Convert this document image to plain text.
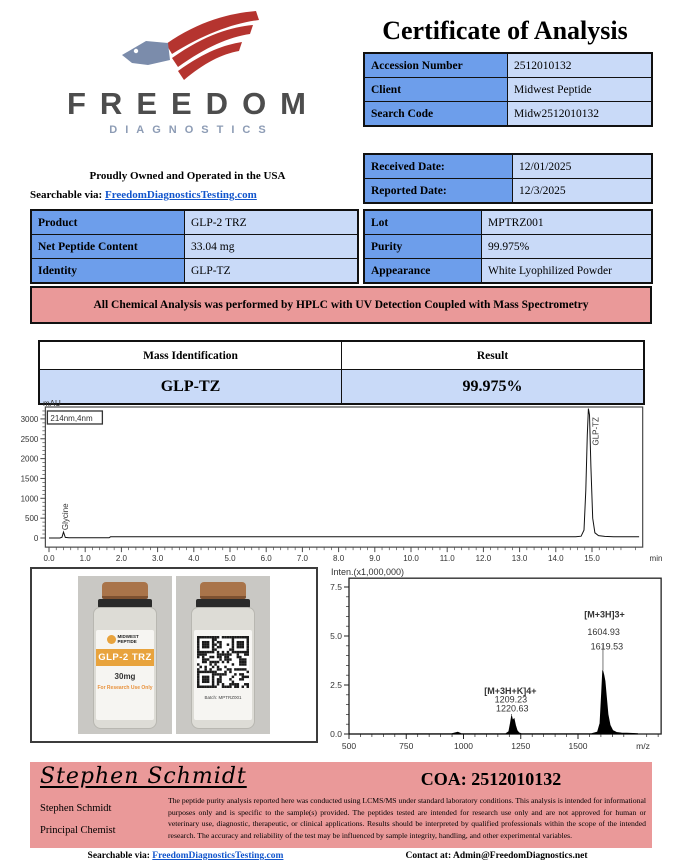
FREEDOM
DIAGNOSTICS
Proudly Owned and Operated in the USA
Searchable via: FreedomDiagnosticsTesting.com
Certificate of Analysis
Accession Number	2512010132
Client	Midwest Peptide
Search Code	Midw2512010132
Received Date:	12/01/2025
Reported Date:	12/3/2025
Product	GLP-2 TRZ
Net Peptide Content	33.04 mg
Identity	GLP-TZ
Lot	MPTRZ001
Purity	99.975%
Appearance	White Lyophilized Powder
All Chemical Analysis was performed by HPLC with UV Detection Coupled with Mass Spectrometry
Mass Identification	Result
GLP-TZ	99.975%
0.0	1.0	2.0	3.0	4.0	5.0	6.0	7.0	8.0	9.0	10.0	11.0	12.0	13.0	14.0	15.0	min
0
500
1000
1500
2000
2500
3000
mAU
214nm,4nm
Glycine
GLP-TZ
MIDWEST PEPTIDE
GLP-2 TRZ
30mg
For Research Use Only
Batch: MPTRZ001
500	750	1000	1250	1500	m/z
0.0
2.5
5.0
7.5
Inten.(x1,000,000)
[M+3H+K]4+
1209.23
1220.63
[M+3H]3+
1604.93
1619.53
Stephen Schmidt	COA: 2512010132
Stephen Schmidt
Principal Chemist
The peptide purity analysis reported here was conducted using LCMS/MS under standard laboratory conditions. This analysis is intended for informational purposes only and is specific to the sample(s) provided. The peptides tested are intended for research use only and are not approved for human or veterinary use, diagnostic, therapeutic, or clinical applications. Results should be interpreted by qualified professionals within the scope of the intended research. The accuracy and reliability of the test may be influenced by sample integrity, handling, and other experimental variables.
Searchable via: FreedomDiagnosticsTesting.com	Contact at: Admin@FreedomDiagnostics.net
